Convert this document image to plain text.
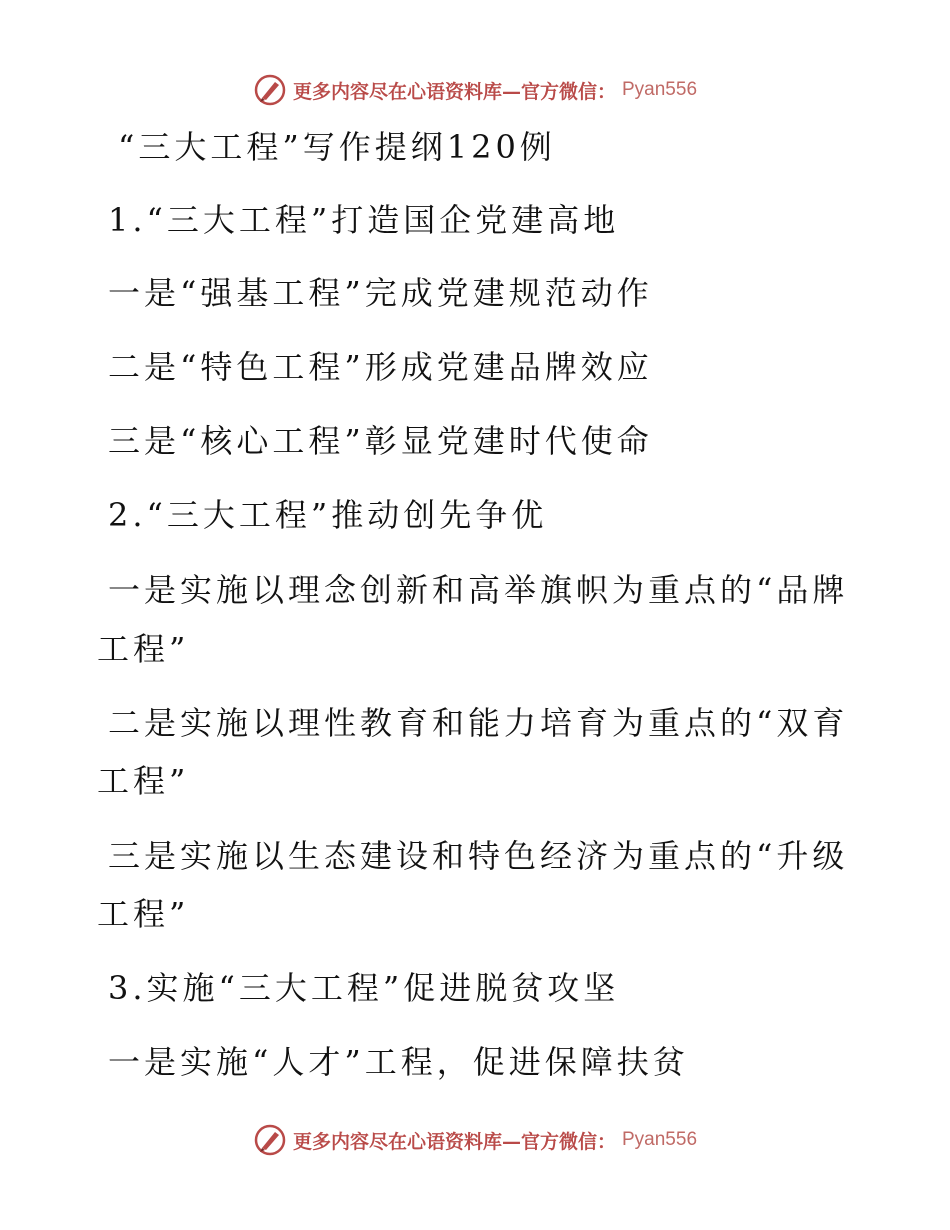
更多内容尽在心语资料库—官方微信： Pyan556
“三大工程”写作提纲120例
1.“三大工程”打造国企党建高地
一是“强基工程”完成党建规范动作
二是“特色工程”形成党建品牌效应
三是“核心工程”彰显党建时代使命
2.“三大工程”推动创先争优
一是实施以理念创新和高举旗帜为重点的“品牌
工程”
二是实施以理性教育和能力培育为重点的“双育
工程”
三是实施以生态建设和特色经济为重点的“升级
工程”
3.实施“三大工程”促进脱贫攻坚
一是实施“人才”工程，促进保障扶贫
更多内容尽在心语资料库—官方微信： Pyan556
